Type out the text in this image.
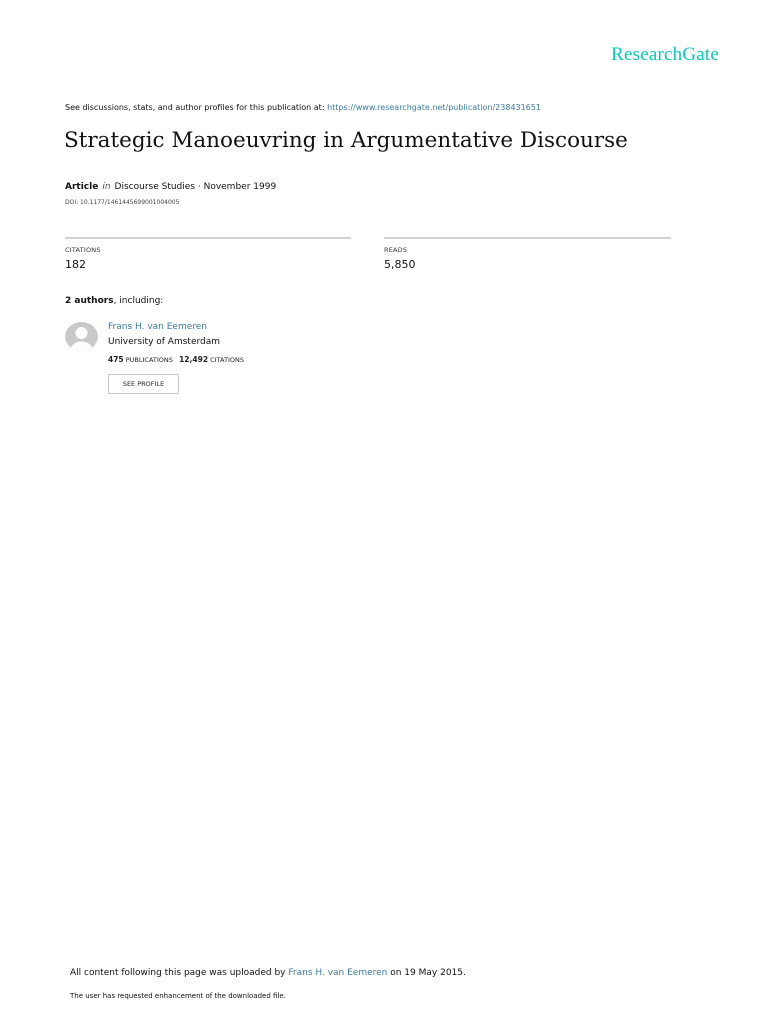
ResearchGate
See discussions, stats, and author profiles for this publication at: https://www.researchgate.net/publication/238431651
Strategic Manoeuvring in Argumentative Discourse
Article in Discourse Studies · November 1999
DOI: 10.1177/1461445699001004005
CITATIONS
182
READS
5,850
2 authors, including:
Frans H. van Eemeren
University of Amsterdam
475 PUBLICATIONS 12,492 CITATIONS
SEE PROFILE
All content following this page was uploaded by Frans H. van Eemeren on 19 May 2015.
The user has requested enhancement of the downloaded file.
